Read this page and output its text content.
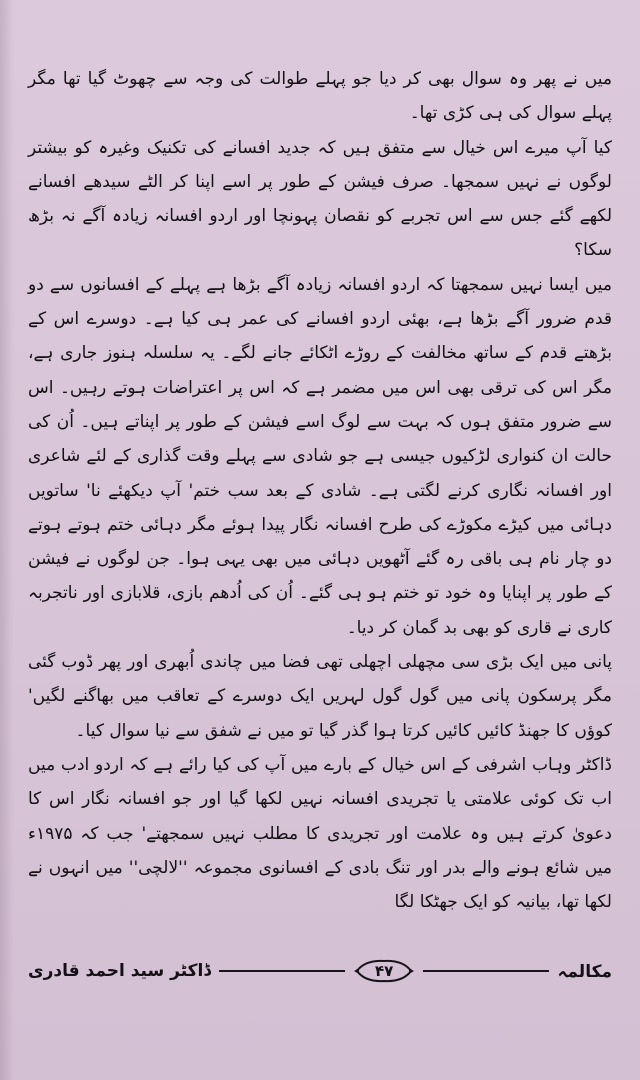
میں نے پھر وہ سوال بھی کر دیا جو پہلے طوالت کی وجہ سے چھوٹ گیا تھا مگر پہلے سوال کی ہی کڑی تھا۔

کیا آپ میرے اس خیال سے متفق ہیں کہ جدید افسانے کی تکنیک وغیرہ کو بیشتر لوگوں نے نہیں سمجھا۔ صرف فیشن کے طور پر اسے اپنا کر الٹے سیدھے افسانے لکھے گئے جس سے اس تجربے کو نقصان پہونچا اور اردو افسانہ زیادہ آگے نہ بڑھ سکا؟

میں ایسا نہیں سمجھتا کہ اردو افسانہ زیادہ آگے بڑھا ہے پہلے کے افسانوں سے دو قدم ضرور آگے بڑھا ہے، بھئی اردو افسانے کی عمر ہی کیا ہے۔ دوسرے اس کے بڑھتے قدم کے ساتھ مخالفت کے روڑے اٹکائے جانے لگے۔ یہ سلسلہ ہنوز جاری ہے، مگر اس کی ترقی بھی اس میں مضمر ہے کہ اس پر اعتراضات ہوتے رہیں۔ اس سے ضرور متفق ہوں کہ بہت سے لوگ اسے فیشن کے طور پر اپناتے ہیں۔ اُن کی حالت ان کنواری لڑکیوں جیسی ہے جو شادی سے پہلے وقت گذاری کے لئے شاعری اور افسانہ نگاری کرنے لگتی ہے۔ شادی کے بعد سب ختم' آپ دیکھئے نا' ساتویں دہائی میں کیڑے مکوڑے کی طرح افسانہ نگار پیدا ہوئے مگر دہائی ختم ہوتے ہوتے دو چار نام ہی باقی رہ گئے آٹھویں دہائی میں بھی یہی ہوا۔ جن لوگوں نے فیشن کے طور پر اپنایا وہ خود تو ختم ہو ہی گئے۔ اُن کی اُدھم بازی، قلابازی اور ناتجربہ کاری نے قاری کو بھی بد گمان کر دیا۔

پانی میں ایک بڑی سی مچھلی اچھلی تھی فضا میں چاندی اُبھری اور پھر ڈوب گئی مگر پرسکون پانی میں گول گول لہریں ایک دوسرے کے تعاقب میں بھاگنے لگیں' کوؤں کا جھنڈ کائیں کائیں کرتا ہوا گذر گیا تو میں نے شفق سے نیا سوال کیا۔

ڈاکٹر وہاب اشرفی کے اس خیال کے بارے میں آپ کی کیا رائے ہے کہ اردو ادب میں اب تک کوئی علامتی یا تجریدی افسانہ نہیں لکھا گیا اور جو افسانہ نگار اس کا دعویٰ کرتے ہیں وہ علامت اور تجریدی کا مطلب نہیں سمجھتے' جب کہ ۱۹۷۵ء میں شائع ہونے والے بدر اور تنگ بادی کے افسانوی مجموعہ ''لالچی'' میں انہوں نے لکھا تھا، بیانیہ کو ایک جھٹکا لگا

مکالمہ
۴۷
ڈاکٹر سید احمد قادری
